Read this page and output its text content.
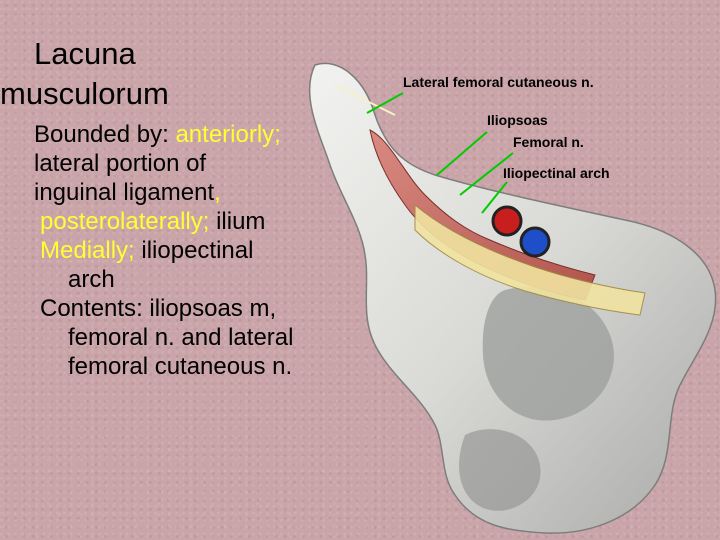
Lacuna
musculorum
Bounded by: anteriorly;
lateral portion of
inguinal ligament,
posterolaterally; ilium
Medially; iliopectinal
arch
Contents: iliopsoas m,
femoral n. and lateral
femoral cutaneous n.
Lateral femoral cutaneous n.
Iliopsoas
Femoral n.
Iliopectinal arch
